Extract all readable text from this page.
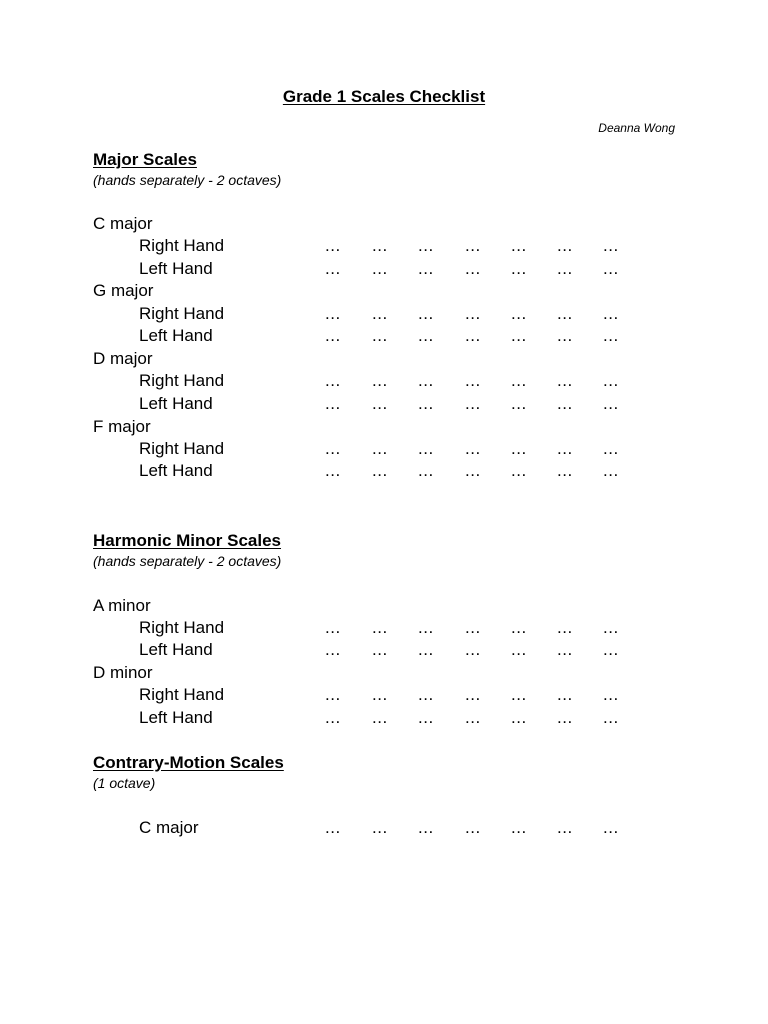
Grade 1 Scales Checklist
Deanna Wong
Major Scales
(hands separately - 2 octaves)
C major
Right Hand	... ... ... ... ... ... ...
Left Hand	... ... ... ... ... ... ...
G major
Right Hand	... ... ... ... ... ... ...
Left Hand	... ... ... ... ... ... ...
D major
Right Hand	... ... ... ... ... ... ...
Left Hand	... ... ... ... ... ... ...
F major
Right Hand	... ... ... ... ... ... ...
Left Hand	... ... ... ... ... ... ...
Harmonic Minor Scales
(hands separately - 2 octaves)
A minor
Right Hand	... ... ... ... ... ... ...
Left Hand	... ... ... ... ... ... ...
D minor
Right Hand	... ... ... ... ... ... ...
Left Hand	... ... ... ... ... ... ...
Contrary-Motion Scales
(1 octave)
C major	... ... ... ... ... ... ...
